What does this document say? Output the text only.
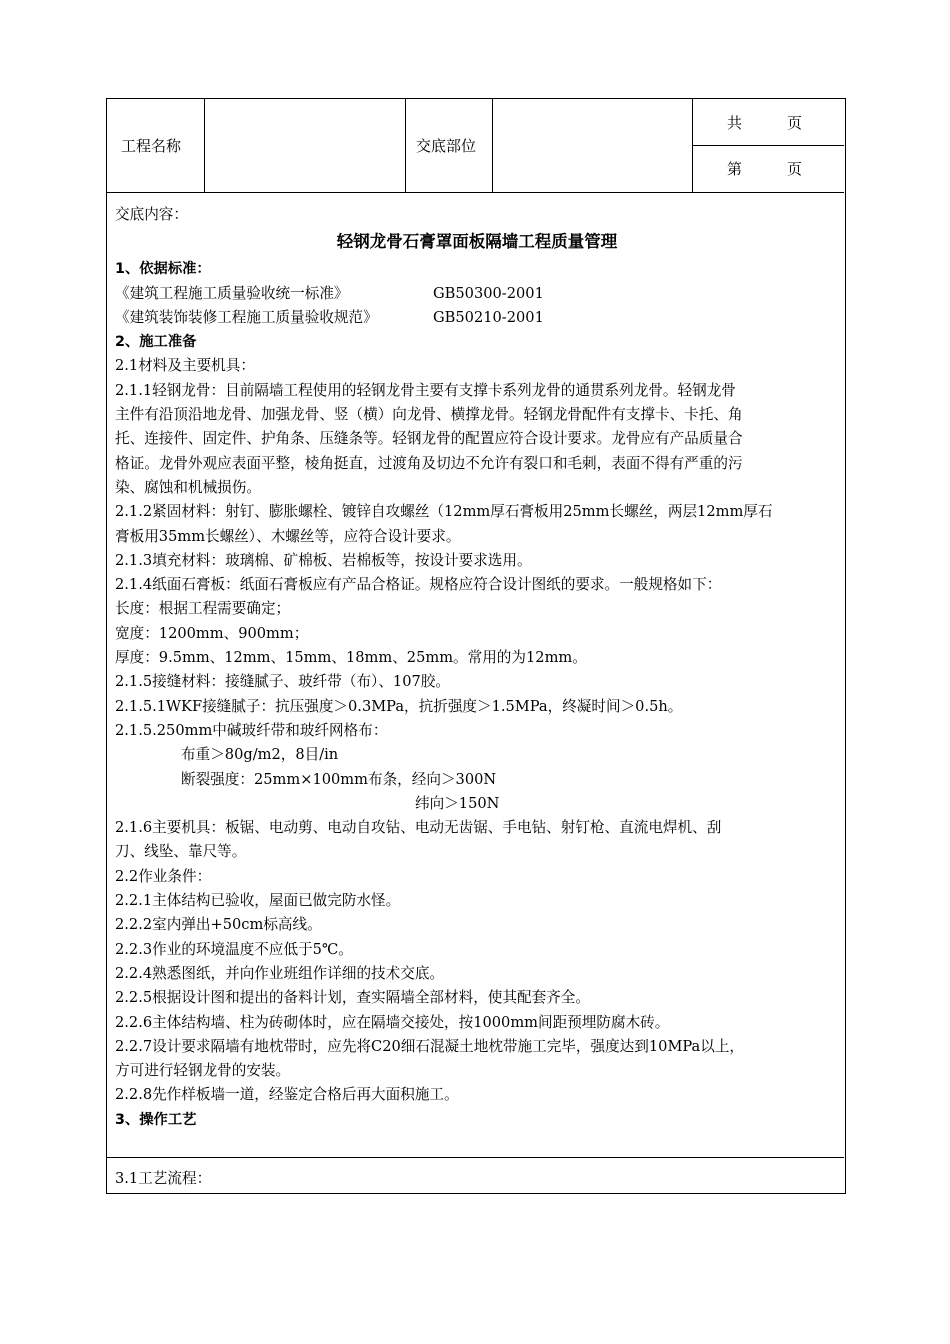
工程名称	交底部位
共　　　页
第　　　页
交底内容：
轻钢龙骨石膏罩面板隔墙工程质量管理
1、依据标准：
《建筑工程施工质量验收统一标准》	GB50300-2001
《建筑装饰装修工程施工质量验收规范》	GB50210-2001
2、施工准备
2.1材料及主要机具：
2.1.1轻钢龙骨：目前隔墙工程使用的轻钢龙骨主要有支撑卡系列龙骨的通贯系列龙骨。轻钢龙骨
主件有沿顶沿地龙骨、加强龙骨、竖（横）向龙骨、横撑龙骨。轻钢龙骨配件有支撑卡、卡托、角
托、连接件、固定件、护角条、压缝条等。轻钢龙骨的配置应符合设计要求。龙骨应有产品质量合
格证。龙骨外观应表面平整，棱角挺直，过渡角及切边不允许有裂口和毛刺，表面不得有严重的污
染、腐蚀和机械损伤。
2.1.2紧固材料：射钉、膨胀螺栓、镀锌自攻螺丝（12mm厚石膏板用25mm长螺丝，两层12mm厚石
膏板用35mm长螺丝）、木螺丝等，应符合设计要求。
2.1.3填充材料：玻璃棉、矿棉板、岩棉板等，按设计要求选用。
2.1.4纸面石膏板：纸面石膏板应有产品合格证。规格应符合设计图纸的要求。一般规格如下：
长度：根据工程需要确定；
宽度：1200mm、900mm；
厚度：9.5mm、12mm、15mm、18mm、25mm。常用的为12mm。
2.1.5接缝材料：接缝腻子、玻纤带（布）、107胶。
2.1.5.1WKF接缝腻子：抗压强度＞0.3MPa，抗折强度＞1.5MPa，终凝时间＞0.5h。
2.1.5.250mm中碱玻纤带和玻纤网格布：
布重＞80g/m2，8目/in
断裂强度：25mm×100mm布条，经向＞300N
纬向＞150N
2.1.6主要机具：板锯、电动剪、电动自攻钻、电动无齿锯、手电钻、射钉枪、直流电焊机、刮
刀、线坠、靠尺等。
2.2作业条件：
2.2.1主体结构已验收，屋面已做完防水怪。
2.2.2室内弹出+50cm标高线。
2.2.3作业的环境温度不应低于5℃。
2.2.4熟悉图纸，并向作业班组作详细的技术交底。
2.2.5根据设计图和提出的备料计划，查实隔墙全部材料，使其配套齐全。
2.2.6主体结构墙、柱为砖砌体时，应在隔墙交接处，按1000mm间距预埋防腐木砖。
2.2.7设计要求隔墙有地枕带时，应先将C20细石混凝土地枕带施工完毕，强度达到10MPa以上，
方可进行轻钢龙骨的安装。
2.2.8先作样板墙一道，经鉴定合格后再大面积施工。
3、操作工艺
3.1工艺流程：
